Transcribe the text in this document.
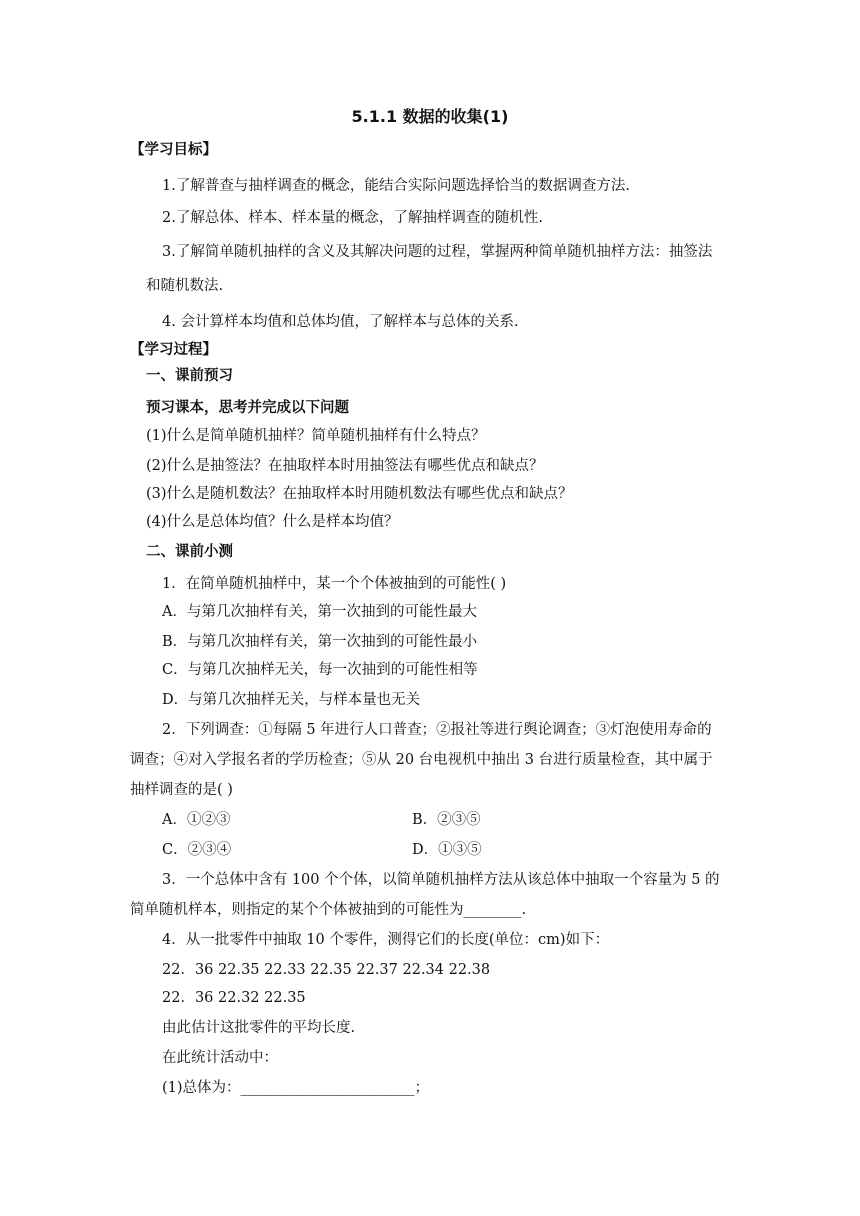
5.1.1 数据的收集(1)
【学习目标】
1.了解普查与抽样调查的概念，能结合实际问题选择恰当的数据调查方法.
2.了解总体、样本、样本量的概念，了解抽样调查的随机性.
3.了解简单随机抽样的含义及其解决问题的过程，掌握两种简单随机抽样方法：抽签法
和随机数法.
4. 会计算样本均值和总体均值，了解样本与总体的关系.
【学习过程】
一、课前预习
预习课本，思考并完成以下问题
(1)什么是简单随机抽样？简单随机抽样有什么特点？
(2)什么是抽签法？在抽取样本时用抽签法有哪些优点和缺点？
(3)什么是随机数法？在抽取样本时用随机数法有哪些优点和缺点？
(4)什么是总体均值？什么是样本均值？
二、课前小测
1．在简单随机抽样中，某一个个体被抽到的可能性( )
A．与第几次抽样有关，第一次抽到的可能性最大
B．与第几次抽样有关，第一次抽到的可能性最小
C．与第几次抽样无关，每一次抽到的可能性相等
D．与第几次抽样无关，与样本量也无关
2．下列调查：①每隔 5 年进行人口普查；②报社等进行舆论调查；③灯泡使用寿命的
调查；④对入学报名者的学历检查；⑤从 20 台电视机中抽出 3 台进行质量检查，其中属于
抽样调查的是( )
A．①②③	B．②③⑤
C．②③④	D．①③⑤
3．一个总体中含有 100 个个体，以简单随机抽样方法从该总体中抽取一个容量为 5 的
简单随机样本，则指定的某个个体被抽到的可能性为________.
4．从一批零件中抽取 10 个零件，测得它们的长度(单位：cm)如下：
22．36 22.35 22.33 22.35 22.37 22.34 22.38
22．36 22.32 22.35
由此估计这批零件的平均长度.
在此统计活动中：
(1)总体为：________________________；
